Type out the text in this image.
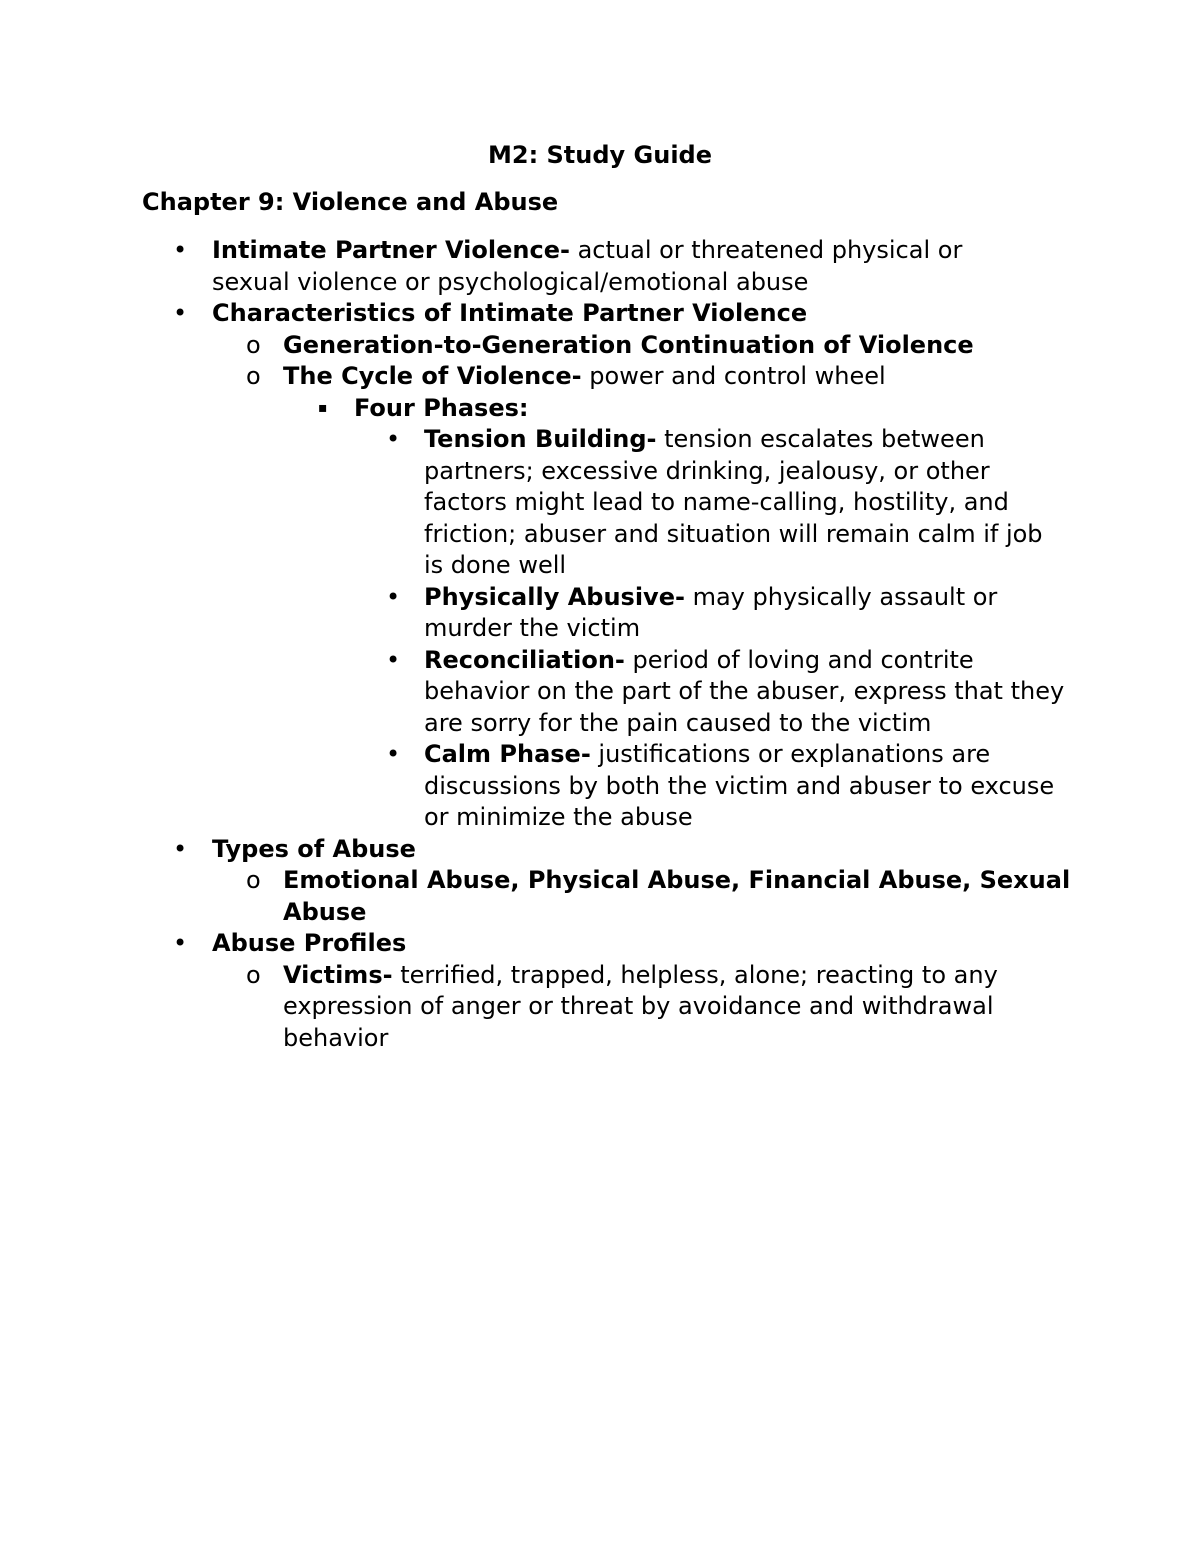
M2: Study Guide
Chapter 9: Violence and Abuse
• Intimate Partner Violence- actual or threatened physical or sexual violence or psychological/emotional abuse
• Characteristics of Intimate Partner Violence
o Generation-to-Generation Continuation of Violence
o The Cycle of Violence- power and control wheel
▪ Four Phases:
• Tension Building- tension escalates between partners; excessive drinking, jealousy, or other factors might lead to name-calling, hostility, and friction; abuser and situation will remain calm if job is done well
• Physically Abusive- may physically assault or murder the victim
• Reconciliation- period of loving and contrite behavior on the part of the abuser, express that they are sorry for the pain caused to the victim
• Calm Phase- justifications or explanations are discussions by both the victim and abuser to excuse or minimize the abuse
• Types of Abuse
o Emotional Abuse, Physical Abuse, Financial Abuse, Sexual Abuse
• Abuse Profiles
o Victims- terrified, trapped, helpless, alone; reacting to any expression of anger or threat by avoidance and withdrawal behavior
